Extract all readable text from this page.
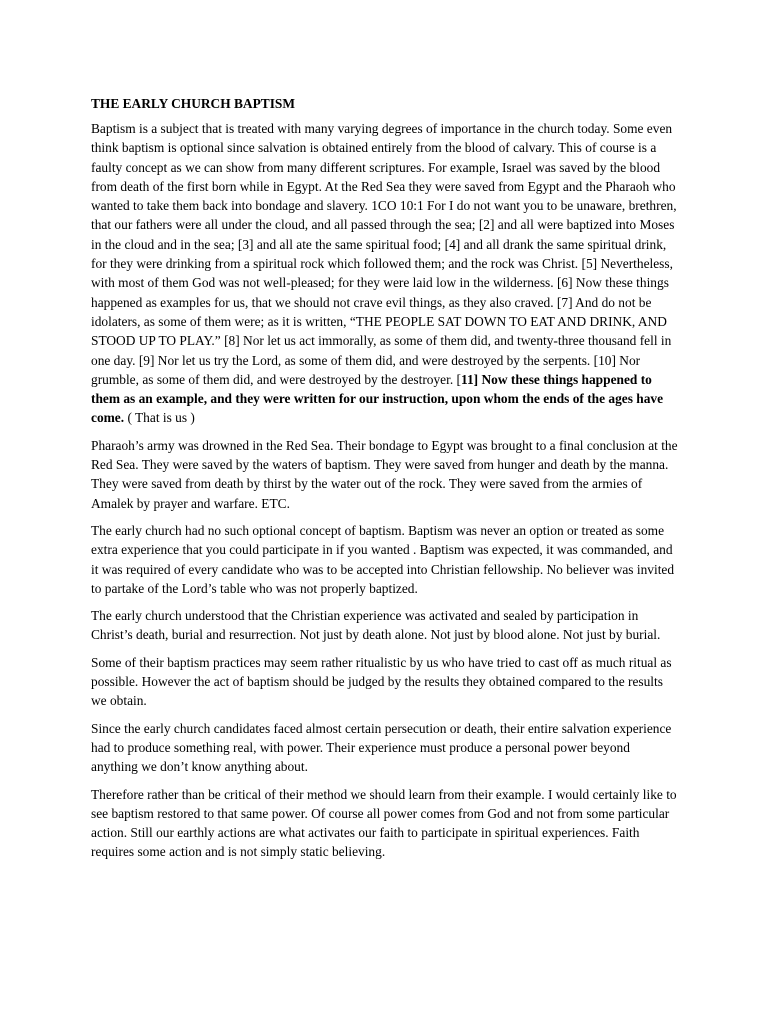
THE EARLY CHURCH BAPTISM

Baptism is a subject that is treated with many varying degrees of importance in the church today. Some even think baptism is optional since salvation is obtained entirely from the blood of calvary. This of course is a faulty concept as we can show from many different scriptures. For example, Israel was saved by the blood from death of the first born while in Egypt. At the Red Sea they were saved from Egypt and the Pharaoh who wanted to take them back into bondage and slavery. 1CO 10:1 For I do not want you to be unaware, brethren, that our fathers were all under the cloud, and all passed through the sea; [2] and all were baptized into Moses in the cloud and in the sea; [3] and all ate the same spiritual food; [4] and all drank the same spiritual drink, for they were drinking from a spiritual rock which followed them; and the rock was Christ. [5] Nevertheless, with most of them God was not well-pleased; for they were laid low in the wilderness. [6] Now these things happened as examples for us, that we should not crave evil things, as they also craved. [7] And do not be idolaters, as some of them were; as it is written, “THE PEOPLE SAT DOWN TO EAT AND DRINK, AND STOOD UP TO PLAY.” [8] Nor let us act immorally, as some of them did, and twenty-three thousand fell in one day. [9] Nor let us try the Lord, as some of them did, and were destroyed by the serpents. [10] Nor grumble, as some of them did, and were destroyed by the destroyer. [11] Now these things happened to them as an example, and they were written for our instruction, upon whom the ends of the ages have come. ( That is us )

Pharaoh’s army was drowned in the Red Sea. Their bondage to Egypt was brought to a final conclusion at the Red Sea. They were saved by the waters of baptism. They were saved from hunger and death by the manna. They were saved from death by thirst by the water out of the rock. They were saved from the armies of Amalek by prayer and warfare. ETC.

The early church had no such optional concept of baptism. Baptism was never an option or treated as some extra experience that you could participate in if you wanted . Baptism was expected, it was commanded, and it was required of every candidate who was to be accepted into Christian fellowship. No believer was invited to partake of the Lord’s table who was not properly baptized.

The early church understood that the Christian experience was activated and sealed by participation in Christ’s death, burial and resurrection. Not just by death alone. Not just by blood alone. Not just by burial.

Some of their baptism practices may seem rather ritualistic by us who have tried to cast off as much ritual as possible. However the act of baptism should be judged by the results they obtained compared to the results we obtain.

Since the early church candidates faced almost certain persecution or death, their entire salvation experience had to produce something real, with power. Their experience must produce a personal power beyond anything we don’t know anything about.

Therefore rather than be critical of their method we should learn from their example. I would certainly like to see baptism restored to that same power. Of course all power comes from God and not from some particular action. Still our earthly actions are what activates our faith to participate in spiritual experiences. Faith requires some action and is not simply static believing.
